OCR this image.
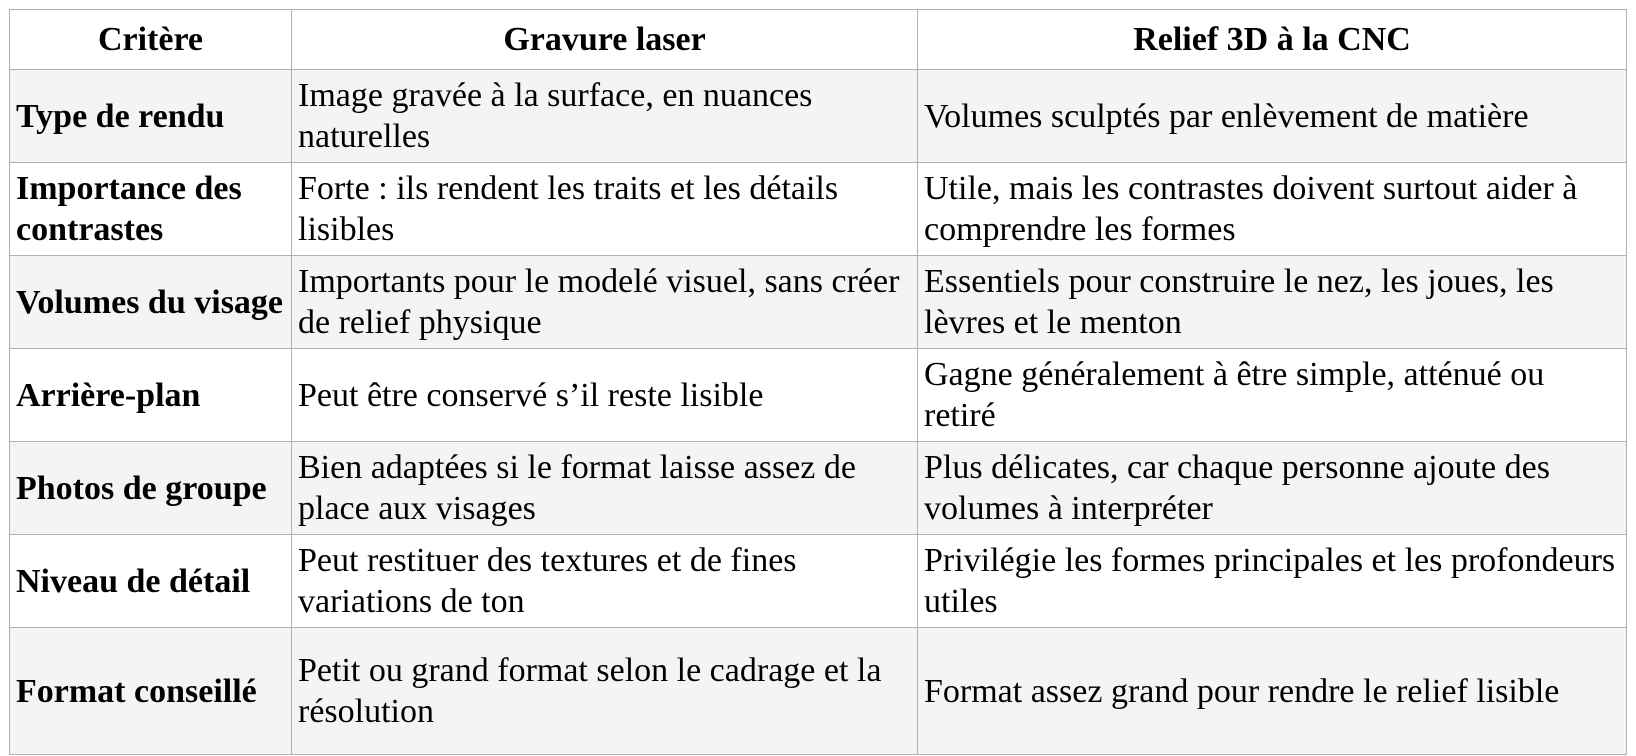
Critère	Gravure laser	Relief 3D à la CNC
Type de rendu	Image gravée à la surface, en nuances naturelles	Volumes sculptés par enlèvement de matière
Importance des contrastes	Forte : ils rendent les traits et les détails lisibles	Utile, mais les contrastes doivent surtout aider à comprendre les formes
Volumes du visage	Importants pour le modelé visuel, sans créer de relief physique	Essentiels pour construire le nez, les joues, les lèvres et le menton
Arrière-plan	Peut être conservé s’il reste lisible	Gagne généralement à être simple, atténué ou retiré
Photos de groupe	Bien adaptées si le format laisse assez de place aux visages	Plus délicates, car chaque personne ajoute des volumes à interpréter
Niveau de détail	Peut restituer des textures et de fines variations de ton	Privilégie les formes principales et les profondeurs utiles
Format conseillé	Petit ou grand format selon le cadrage et la résolution	Format assez grand pour rendre le relief lisible
